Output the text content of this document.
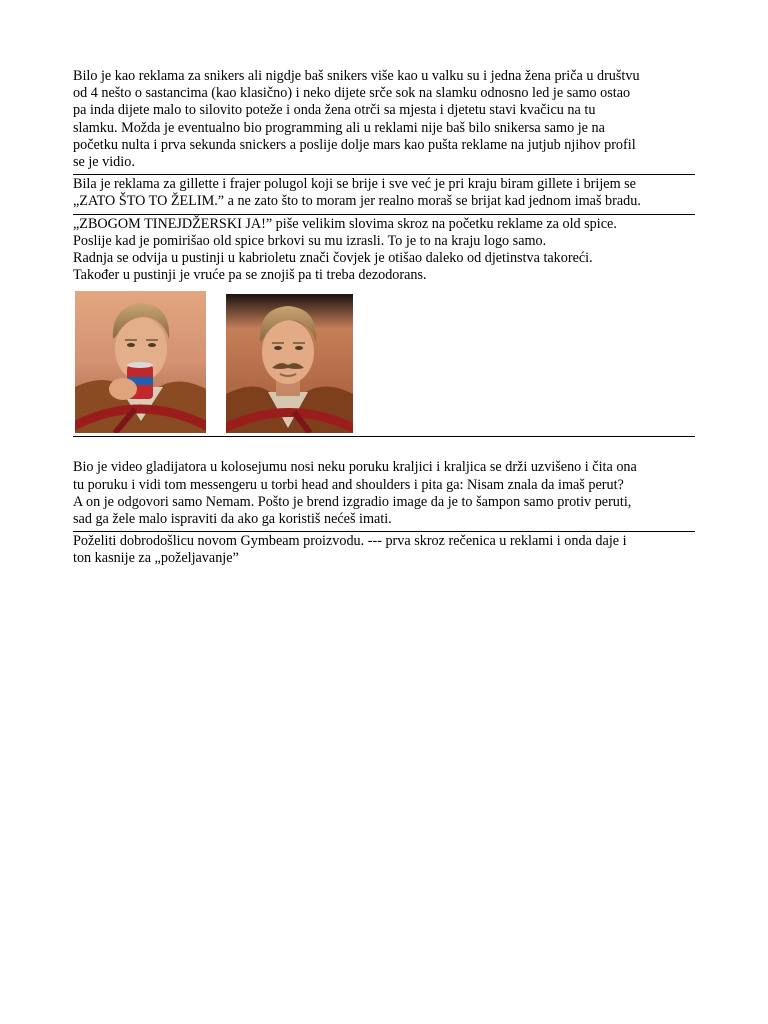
Bilo je kao reklama za snikers ali nigdje baš snikers više kao u valku su i jedna žena priča u društvu
od 4 nešto o sastancima (kao klasično) i neko dijete srče sok na slamku odnosno led je samo ostao
pa inda dijete malo to silovito poteže i onda žena otrči sa mjesta i djetetu stavi kvačicu na tu
slamku. Možda je eventualno bio programming ali u reklami nije baš bilo snikersa samo je na
početku nulta i prva sekunda snickers a poslije dolje mars kao pušta reklame na jutjub njihov profil
se je vidio.

Bila je reklama za gillette i frajer polugol koji se brije i sve već je pri kraju biram gillete i brijem se
„ZATO ŠTO TO ŽELIM.” a ne zato što to moram jer realno moraš se brijat kad jednom imaš bradu.

„ZBOGOM TINEJDŽERSKI JA!” piše velikim slovima skroz na početku reklame za old spice.
Poslije kad je pomirišao old spice brkovi su mu izrasli. To je to na kraju logo samo.
Radnja se odvija u pustinji u kabrioletu znači čovjek je otišao daleko od djetinstva takoreći.
Također u pustinji je vruće pa se znojiš pa ti treba dezodorans.

Bio je video gladijatora u kolosejumu nosi neku poruku kraljici i kraljica se drži uzvišeno i čita ona
tu poruku i vidi tom messengeru u torbi head and shoulders i pita ga: Nisam znala da imaš perut?
A on je odgovori samo Nemam. Pošto je brend izgradio image da je to šampon samo protiv peruti,
sad ga žele malo ispraviti da ako ga koristiš nećeš imati.

Poželiti dobrodošlicu novom Gymbeam proizvodu. --- prva skroz rečenica u reklami i onda daje i
ton kasnije za „poželjavanje”
